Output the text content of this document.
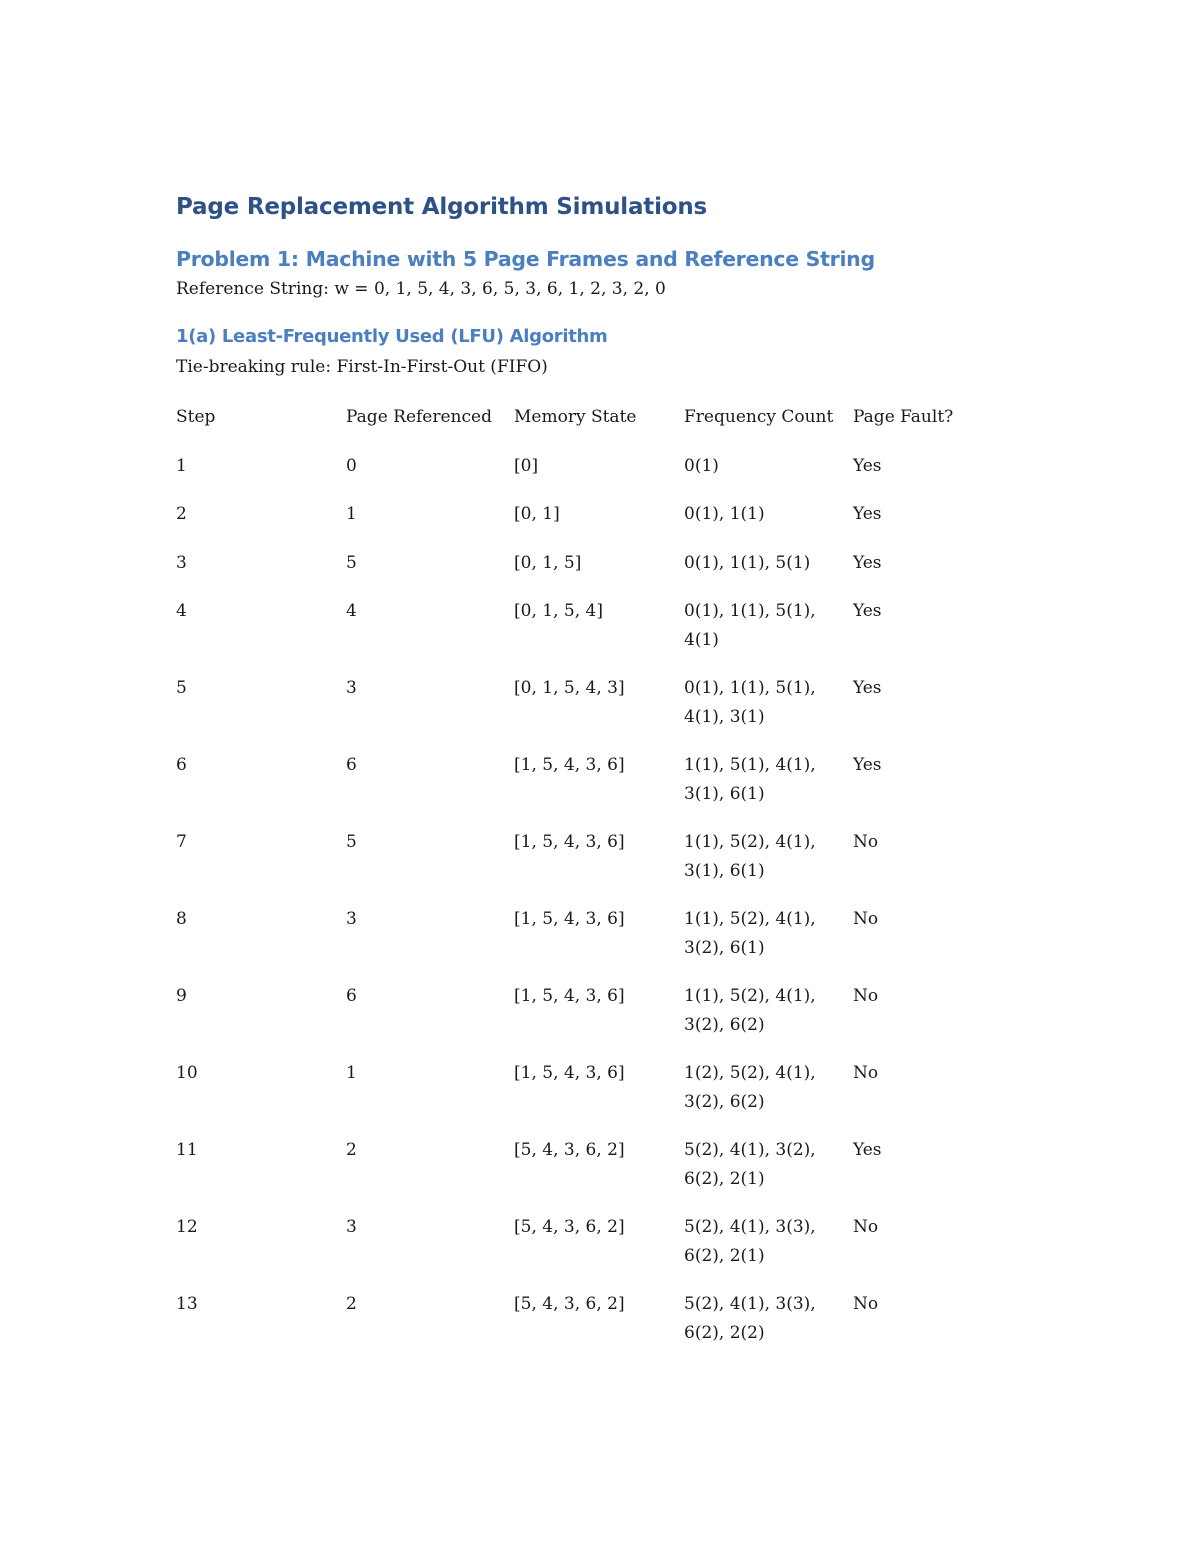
Page Replacement Algorithm Simulations
Problem 1: Machine with 5 Page Frames and Reference String

Reference String: w = 0, 1, 5, 4, 3, 6, 5, 3, 6, 1, 2, 3, 2, 0

1(a) Least-Frequently Used (LFU) Algorithm

Tie-breaking rule: First-In-First-Out (FIFO)

Step	Page Referenced	Memory State	Frequency Count	Page Fault?
1	0	[0]	0(1)	Yes
2	1	[0, 1]	0(1), 1(1)	Yes
3	5	[0, 1, 5]	0(1), 1(1), 5(1)	Yes
4	4	[0, 1, 5, 4]	0(1), 1(1), 5(1), 4(1)	Yes
5	3	[0, 1, 5, 4, 3]	0(1), 1(1), 5(1), 4(1), 3(1)	Yes
6	6	[1, 5, 4, 3, 6]	1(1), 5(1), 4(1), 3(1), 6(1)	Yes
7	5	[1, 5, 4, 3, 6]	1(1), 5(2), 4(1), 3(1), 6(1)	No
8	3	[1, 5, 4, 3, 6]	1(1), 5(2), 4(1), 3(2), 6(1)	No
9	6	[1, 5, 4, 3, 6]	1(1), 5(2), 4(1), 3(2), 6(2)	No
10	1	[1, 5, 4, 3, 6]	1(2), 5(2), 4(1), 3(2), 6(2)	No
11	2	[5, 4, 3, 6, 2]	5(2), 4(1), 3(2), 6(2), 2(1)	Yes
12	3	[5, 4, 3, 6, 2]	5(2), 4(1), 3(3), 6(2), 2(1)	No
13	2	[5, 4, 3, 6, 2]	5(2), 4(1), 3(3), 6(2), 2(2)	No
